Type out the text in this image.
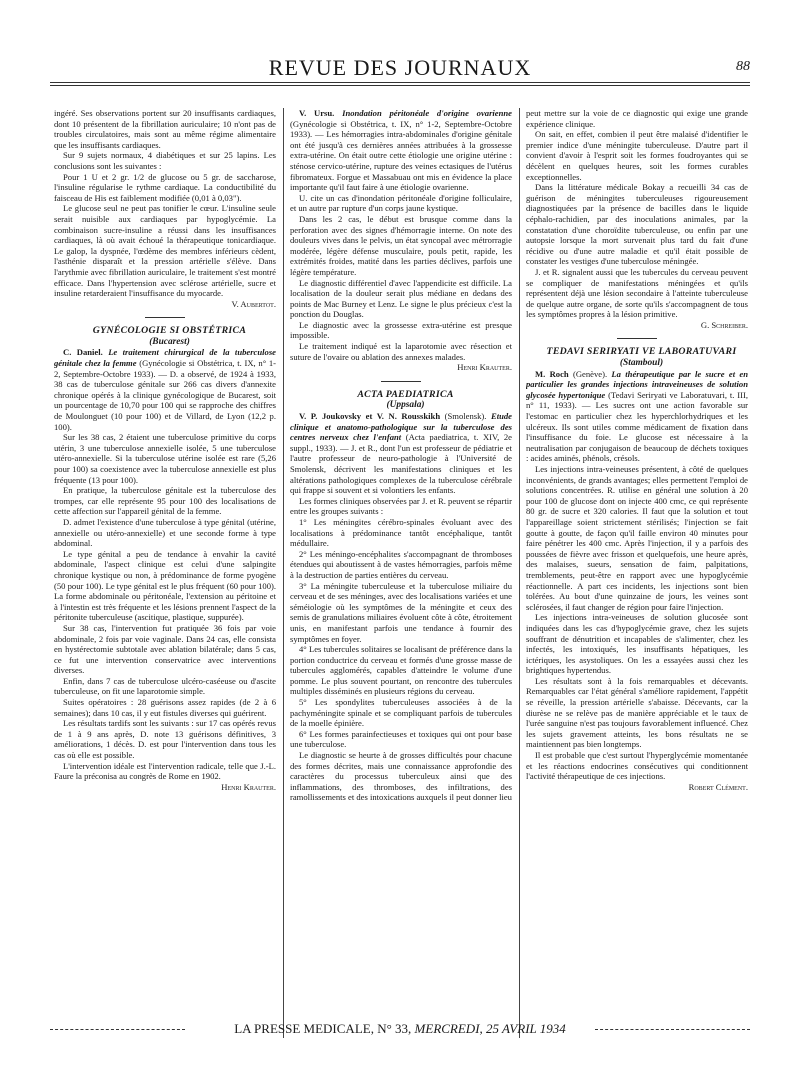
REVUE DES JOURNAUX	88

ingéré. Ses observations portent sur 20 insuffisants cardiaques, dont 10 présentent de la fibrillation auriculaire; 10 n'ont pas de troubles circulatoires, mais sont au même régime alimentaire que les insuffisants cardiaques.

Sur 9 sujets normaux, 4 diabétiques et sur 25 lapins. Les conclusions sont les suivantes :

Pour 1 U et 2 gr. 1/2 de glucose ou 5 gr. de saccharose, l'insuline régularise le rythme cardiaque. La conductibilité du faisceau de His est faiblement modifiée (0,01 à 0,03").

Le glucose seul ne peut pas tonifier le cœur. L'insuline seule serait nuisible aux cardiaques par hypoglycémie. La combinaison sucre-insuline a réussi dans les insuffisances cardiaques, là où avait échoué la thérapeutique tonicardiaque. Le galop, la dyspnée, l'œdème des membres inférieurs cèdent, l'asthénie disparaît et la pression artérielle s'élève. Dans l'arythmie avec fibrillation auriculaire, le traitement s'est montré efficace. Dans l'hypertension avec sclérose artérielle, sucre et insuline retarderaient l'insuffisance du myocarde.

V. Aubertot.

GYNÉCOLOGIE SI OBSTÉTRICA

(Bucarest)

C. Daniel. Le traitement chirurgical de la tuberculose génitale chez la femme (Gynécologie si Obstétrica, t. IX, n° 1-2, Septembre-Octobre 1933). — D. a observé, de 1924 à 1933, 38 cas de tuberculose génitale sur 266 cas divers d'annexite chronique opérés à la clinique gynécologique de Bucarest, soit un pourcentage de 10,70 pour 100 qui se rapproche des chiffres de Moulonguet (10 pour 100) et de Villard, de Lyon (12,2 p. 100).

Sur les 38 cas, 2 étaient une tuberculose primitive du corps utérin, 3 une tuberculose annexielle isolée, 5 une tuberculose utéro-annexielle. Si la tuberculose utérine isolée est rare (5,26 pour 100) sa coexistence avec la tuberculose annexielle est plus fréquente (13 pour 100).

En pratique, la tuberculose génitale est la tuberculose des trompes, car elle représente 95 pour 100 des localisations de cette affection sur l'appareil génital de la femme.

D. admet l'existence d'une tuberculose à type génital (utérine, annexielle ou utéro-annexielle) et une seconde forme à type abdominal.

Le type génital a peu de tendance à envahir la cavité abdominale, l'aspect clinique est celui d'une salpingite chronique kystique ou non, à prédominance de forme pyogène (50 pour 100). Le type génital est le plus fréquent (60 pour 100). La forme abdominale ou péritonéale, l'extension au péritoine et à l'intestin est très fréquente et les lésions prennent l'aspect de la péritonite tuberculeuse (ascitique, plastique, suppurée).

Sur 38 cas, l'intervention fut pratiquée 36 fois par voie abdominale, 2 fois par voie vaginale. Dans 24 cas, elle consista en hystérectomie subtotale avec ablation bilatérale; dans 5 cas, ce fut une intervention conservatrice avec interventions diverses.

Enfin, dans 7 cas de tuberculose ulcéro-caséeuse ou d'ascite tuberculeuse, on fit une laparotomie simple.

Suites opératoires : 28 guérisons assez rapides (de 2 à 6 semaines); dans 10 cas, il y eut fistules diverses qui guérirent.

Les résultats tardifs sont les suivants : sur 17 cas opérés revus de 1 à 9 ans après, D. note 13 guérisons définitives, 3 améliorations, 1 décès. D. est pour l'intervention dans tous les cas où elle est possible.

L'intervention idéale est l'intervention radicale, telle que J.-L. Faure la préconisa au congrès de Rome en 1902.

Henri Krauter.

V. Ursu. Inondation péritonéale d'origine ovarienne (Gynécologie si Obstétrica, t. IX, n° 1-2, Septembre-Octobre 1933). — Les hémorragies intra-abdominales d'origine génitale ont été jusqu'à ces dernières années attribuées à la grossesse extra-utérine. On était outre cette étiologie une origine utérine : sténose cervico-utérine, rupture des veines ectasiques de l'utérus fibromateux. Forgue et Massabuau ont mis en évidence la place importante qu'il faut faire à une étiologie ovarienne.

U. cite un cas d'inondation péritonéale d'origine folliculaire, et un autre par rupture d'un corps jaune kystique.

Dans les 2 cas, le début est brusque comme dans la perforation avec des signes d'hémorragie interne. On note des douleurs vives dans le pelvis, un état syncopal avec métrorragie modérée, légère défense musculaire, pouls petit, rapide, les extrémités froides, matité dans les parties déclives, parfois une légère température.

Le diagnostic différentiel d'avec l'appendicite est difficile. La localisation de la douleur serait plus médiane en dedans des points de Mac Burney et Lenz. Le signe le plus précieux c'est la ponction du Douglas.

Le diagnostic avec la grossesse extra-utérine est presque impossible.

Le traitement indiqué est la laparotomie avec résection et suture de l'ovaire ou ablation des annexes malades.

Henri Krauter.

ACTA PAEDIATRICA

(Uppsala)

V. P. Joukovsky et V. N. Rousskikh (Smolensk). Etude clinique et anatomo-pathologique sur la tuberculose des centres nerveux chez l'enfant (Acta paediatrica, t. XIV, 2e suppl., 1933). — J. et R., dont l'un est professeur de pédiatrie et l'autre professeur de neuro-pathologie à l'Université de Smolensk, décrivent les manifestations cliniques et les altérations pathologiques complexes de la tuberculose cérébrale qui frappe si souvent et si volontiers les enfants.

Les formes cliniques observées par J. et R. peuvent se répartir entre les groupes suivants :

1° Les méningites cérébro-spinales évoluant avec des localisations à prédominance tantôt encéphalique, tantôt médullaire.

2° Les méningo-encéphalites s'accompagnant de thromboses étendues qui aboutissent à de vastes hémorragies, parfois même à la destruction de parties entières du cerveau.

3° La méningite tuberculeuse et la tuberculose miliaire du cerveau et de ses méninges, avec des localisations variées et une séméiologie où les symptômes de la méningite et ceux des semis de granulations miliaires évoluent côte à côte, étroitement unis, en manifestant parfois une tendance à fournir des symptômes en foyer.

4° Les tubercules solitaires se localisant de préférence dans la portion conductrice du cerveau et formés d'une grosse masse de tubercules agglomérés, capables d'atteindre le volume d'une pomme. Le plus souvent pourtant, on rencontre des tubercules multiples disséminés en plusieurs régions du cerveau.

5° Les spondylites tuberculeuses associées à de la pachyméningite spinale et se compliquant parfois de tubercules de la moelle épinière.

6° Les formes parainfectieuses et toxiques qui ont pour base une tuberculose.

Le diagnostic se heurte à de grosses difficultés pour chacune des formes décrites, mais une connaissance approfondie des caractères du processus tuberculeux ainsi que des inflammations, des thromboses, des infiltrations, des ramollissements et des intoxications auxquels il peut donner lieu

peut mettre sur la voie de ce diagnostic qui exige une grande expérience clinique.

On sait, en effet, combien il peut être malaisé d'identifier le premier indice d'une méningite tuberculeuse. D'autre part il convient d'avoir à l'esprit soit les formes foudroyantes qui se décèlent en quelques heures, soit les formes curables exceptionnelles.

Dans la littérature médicale Bokay a recueilli 34 cas de guérison de méningites tuberculeuses rigoureusement diagnostiquées par la présence de bacilles dans le liquide céphalo-rachidien, par des inoculations animales, par la constatation d'une choroïdite tuberculeuse, ou enfin par une autopsie lorsque la mort survenait plus tard du fait d'une récidive ou d'une autre maladie et qu'il était possible de constater les vestiges d'une tuberculose méningée.

J. et R. signalent aussi que les tubercules du cerveau peuvent se compliquer de manifestations méningées et qu'ils représentent déjà une lésion secondaire à l'atteinte tuberculeuse de quelque autre organe, de sorte qu'ils s'accompagnent de tous les symptômes propres à la lésion primitive.

G. Schreiber.

TEDAVI SERIRYATI VE LABORATUVARI

(Stamboul)

M. Roch (Genève). La thérapeutique par le sucre et en particulier les grandes injections intraveineuses de solution glycosée hypertonique (Tedavi Seriryati ve Laboratuvari, t. III, n° 11, 1933). — Les sucres ont une action favorable sur l'estomac en particulier chez les hyperchlorhydriques et les ulcéreux. Ils sont utiles comme médicament de fixation dans l'insuffisance du foie. Le glucose est nécessaire à la neutralisation par conjugaison de beaucoup de déchets toxiques : acides aminés, phénols, crésols.

Les injections intra-veineuses présentent, à côté de quelques inconvénients, de grands avantages; elles permettent l'emploi de solutions concentrées. R. utilise en général une solution à 20 pour 100 de glucose dont on injecte 400 cmc, ce qui représente 80 gr. de sucre et 320 calories. Il faut que la solution et tout l'appareillage soient strictement stérilisés; l'injection se fait goutte à goutte, de façon qu'il faille environ 40 minutes pour faire pénétrer les 400 cmc. Après l'injection, il y a parfois des poussées de fièvre avec frisson et quelquefois, une heure après, des malaises, sueurs, sensation de faim, palpitations, tremblements, peut-être en rapport avec une hypoglycémie réactionnelle. A part ces incidents, les injections sont bien tolérées. Au bout d'une quinzaine de jours, les veines sont sclérosées, il faut changer de région pour faire l'injection.

Les injections intra-veineuses de solution glucosée sont indiquées dans les cas d'hypoglycémie grave, chez les sujets souffrant de dénutrition et incapables de s'alimenter, chez les infectés, les intoxiqués, les insuffisants hépatiques, les ictériques, les asystoliques. On les a essayées aussi chez les brightiques hypertendus.

Les résultats sont à la fois remarquables et décevants. Remarquables car l'état général s'améliore rapidement, l'appétit se réveille, la pression artérielle s'abaisse. Décevants, car la diurèse ne se relève pas de manière appréciable et le taux de l'urée sanguine n'est pas toujours favorablement influencé. Chez les sujets gravement atteints, les bons résultats ne se maintiennent pas bien longtemps.

Il est probable que c'est surtout l'hyperglycémie momentanée et les réactions endocrines consécutives qui conditionnent l'activité thérapeutique de ces injections.

Robert Clément.

LA PRESSE MEDICALE, N° 33, MERCREDI, 25 AVRIL 1934
